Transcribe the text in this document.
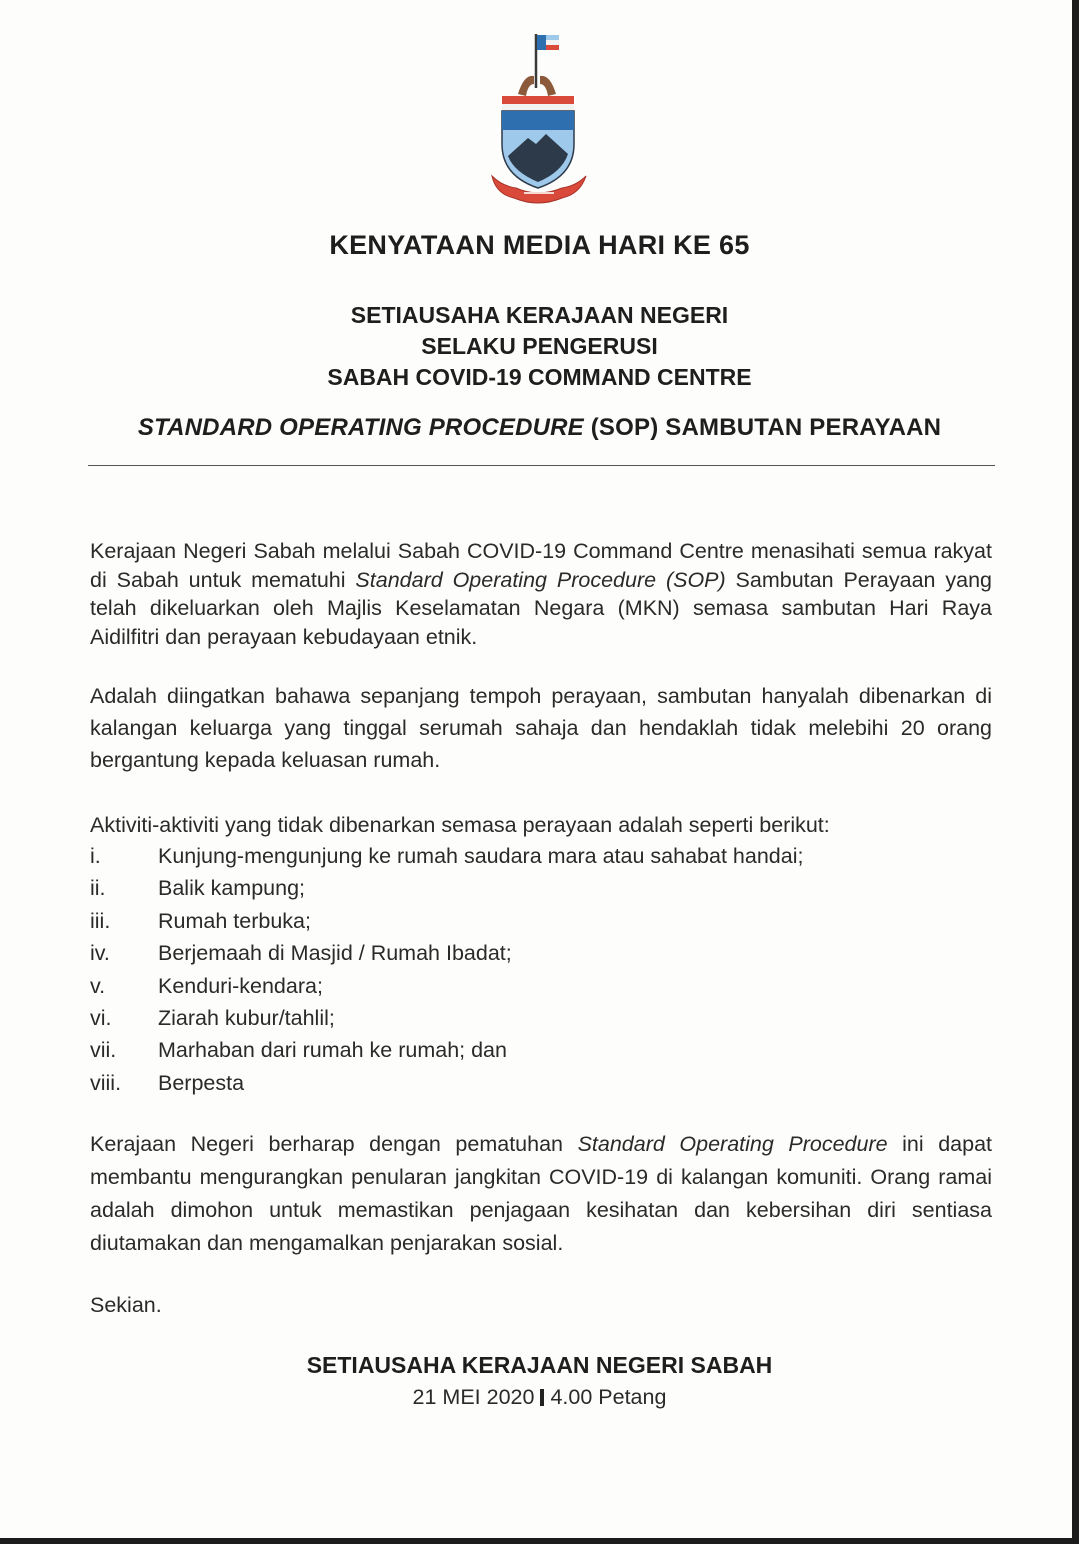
KENYATAAN MEDIA HARI KE 65
SETIAUSAHA KERAJAAN NEGERI
SELAKU PENGERUSI
SABAH COVID-19 COMMAND CENTRE
STANDARD OPERATING PROCEDURE (SOP) SAMBUTAN PERAYAAN
Kerajaan Negeri Sabah melalui Sabah COVID-19 Command Centre menasihati semua rakyat di Sabah untuk mematuhi Standard Operating Procedure (SOP) Sambutan Perayaan yang telah dikeluarkan oleh Majlis Keselamatan Negara (MKN) semasa sambutan Hari Raya Aidilfitri dan perayaan kebudayaan etnik.
Adalah diingatkan bahawa sepanjang tempoh perayaan, sambutan hanyalah dibenarkan di kalangan keluarga yang tinggal serumah sahaja dan hendaklah tidak melebihi 20 orang bergantung kepada keluasan rumah.
Aktiviti-aktiviti yang tidak dibenarkan semasa perayaan adalah seperti berikut:
i.	Kunjung-mengunjung ke rumah saudara mara atau sahabat handai;
ii.	Balik kampung;
iii.	Rumah terbuka;
iv.	Berjemaah di Masjid / Rumah Ibadat;
v.	Kenduri-kendara;
vi.	Ziarah kubur/tahlil;
vii.	Marhaban dari rumah ke rumah; dan
viii.	Berpesta
Kerajaan Negeri berharap dengan pematuhan Standard Operating Procedure ini dapat membantu mengurangkan penularan jangkitan COVID-19 di kalangan komuniti. Orang ramai adalah dimohon untuk memastikan penjagaan kesihatan dan kebersihan diri sentiasa diutamakan dan mengamalkan penjarakan sosial.
Sekian.
SETIAUSAHA KERAJAAN NEGERI SABAH
21 MEI 2020 4.00 Petang
